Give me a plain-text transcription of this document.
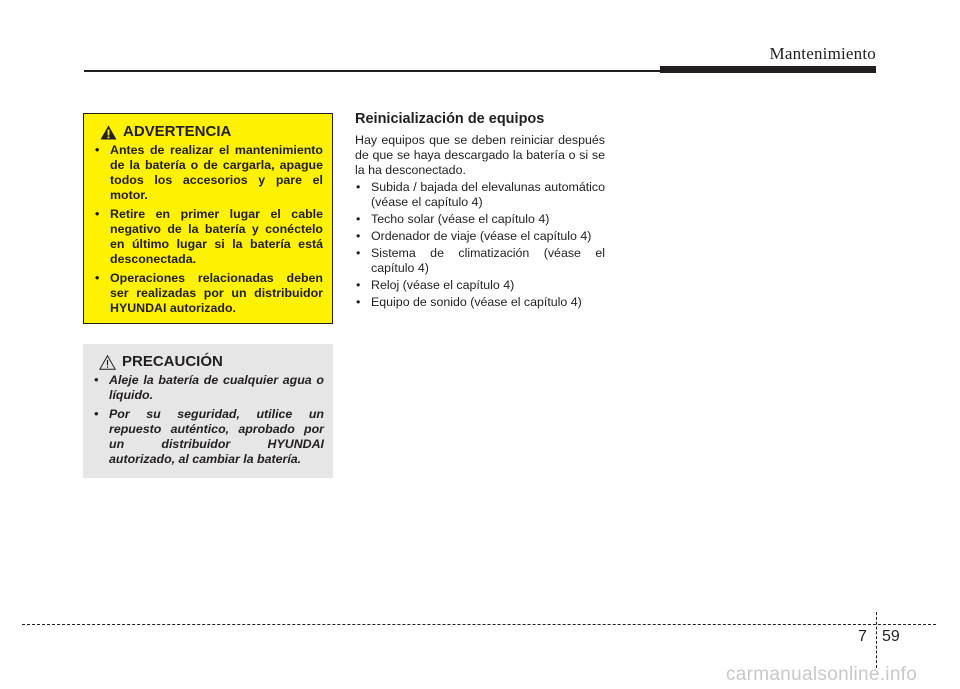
Mantenimiento
ADVERTENCIA
• Antes de realizar el mantenimiento de la batería o de cargarla, apague todos los accesorios y pare el motor.
• Retire en primer lugar el cable negativo de la batería y conéctelo en último lugar si la batería está desconectada.
• Operaciones relacionadas deben ser realizadas por un distribuidor HYUNDAI autorizado.
PRECAUCIÓN
• Aleje la batería de cualquier agua o líquido.
• Por su seguridad, utilice un repuesto auténtico, aprobado por un distribuidor HYUNDAI autorizado, al cambiar la batería.
Reinicialización de equipos

Hay equipos que se deben reiniciar después de que se haya descargado la batería o si se la ha desconectado.

• Subida / bajada del elevalunas automático (véase el capítulo 4)
• Techo solar (véase el capítulo 4)
• Ordenador de viaje (véase el capítulo 4)
• Sistema de climatización (véase el capítulo 4)
• Reloj (véase el capítulo 4)
• Equipo de sonido (véase el capítulo 4)
7 59
carmanualsonline.info
